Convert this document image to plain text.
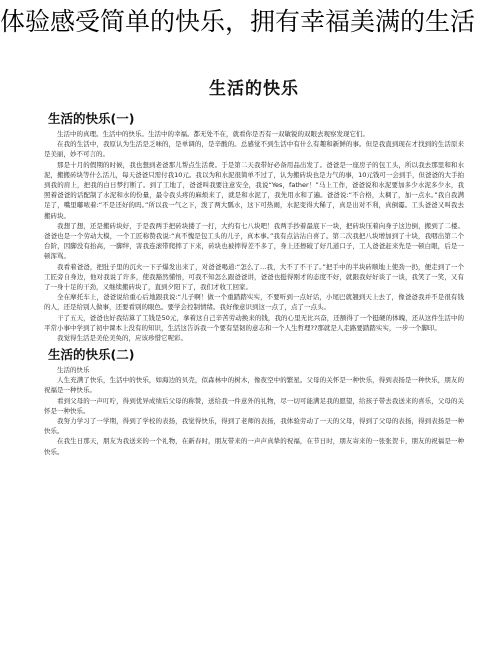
体验感受简单的快乐，拥有幸福美满的生活
生活的快乐
生活的快乐(一)

生活中的真理。生活中的快乐。生活中的幸福。都无处不在，就看你是否有一双敏锐的双眼去观察发现它们。

在我的生活中，我原认为生活是乏味的，是单调的，是辛酸的。总感觉不到生活中有什么有趣和新鲜的事。但是我直到现在才找到的生活原来是美丽，妙不可言的。

那是十月的假期的时候，我也想到老爸那儿帮点生活费。于是第二天我带好必备用品出发了。爸爸是一座房子的包工头，所以我去那里和和水泥，搬搬砖块等什么活儿，每天爸爸只需付我10元。我以为和水泥很简单不过了，认为搬砖块也是力气的事，10元钱可一会到手，但爸爸的大手拍到我的肩上，把我的白日梦打断了。到了工地了，爸爸叫我要注意安全，我说“Yes，father！”马上工作，爸爸说和水泥要加多少水泥多少水，我照着爸爸的话配制了水泥和水的份量，最令我头疼的麻烦来了，就是和水泥了，我先用水和了遍。爸爸说:“不合格，太稠了，加一点水。”我自我满足了，嘴里嘟哝着:“不是还好的吗。”所以我一气之下，泼了两大瓢水，这下可热闹，水泥变得大稀了，真是出对不利，真倒霉。工头爸爸又叫我去搬砖块。

我想了想，还是搬砖块好，于是我两手把砖块搂了一打，大约有七八块吧！我两手抄着最底下一块，把砖块压着向身子这边倒，搬到了二楼。爸爸也是一个劳动大模，一个工匠称赞我说:“真不愧是包工头的儿子，真本事。”我有点沾沾自喜了。第二次我把八块增加到了十块，我咽出第二个台阶，因脚没有抬高，一脚绊，害我连滚带爬摔了下来，砖块也被摔得差不多了，身上还擦破了好几道口子，工人爸爸赶来先是一顿白眼，后是一顿浑骂。

我看着爸爸，把肚子里的沉火一下子爆发出来了，对爸爸喝道:“怎么了…我，大不了不干了。”把手中的半块砖顺地上使劲一扔，便走到了一个工匠旁自身边，他对我说了许多，使我豁然懂悟，可我不知怎么跟爸爸讲，爸爸也挺得刚才的态度不好，就跟我好好谈了一谈，我笑了一笑，又有了一身十足的干劲，又继续搬砖块了，直到夕阳下了，我们才收工回家。

全在摩托车上，爸爸说给重心后地跟我说:“儿子啊！做一个重踏踏实实，不要听到一点好话，小尾巴就翘到天上去了，像爸爸我并不是很有钱的人，还是给别人做事，还要看别的眼色。要学会控制情绪。我好像意识到这一点了，点了一点头。

干了五天，爸爸也好我结算了工钱是50元，拿着这自己辛苦劳动换来的钱，我的心里无比兴奋，还额得了一个挺硬的体魄，还从这件生活中的平常小事中学到了初中课本上没有的知识，生活这告诉我一个要有坚韧的意志和一个人生哲理??那就是人走路要踏踏实实，一步一个脚印。

我觉得生活是美伦美奂的，应该珍惜它呢彩。

生活的快乐(二)
生活的快乐

人生充满了快乐，生活中的快乐，如海边的贝壳，似森林中的树木，像夜空中的繁星。父母的关怀是一种快乐，得到表扬是一种快乐，朋友的祝福是一种快乐。

看到父母的一声叮咛，得到优异成绩后父母的称赞，送给我一件意外的礼物，尽一切可能满足我的愿望，给孩子带去我送来的喜乐，父母的关怀是一种快乐。

我努力学习了一学期，得到了学校的表扬，我觉得快乐，得到了老师的表扬，我体验劳动了一天的父母，得到了父母的表扬，得到表扬是一种快乐。

在我生日那天，朋友为我送来的一个礼物，在新春时，朋友带来的一声声真挚的祝福，在节日时，朋友寄来的一张张贺卡，朋友的祝福是一种快乐。
